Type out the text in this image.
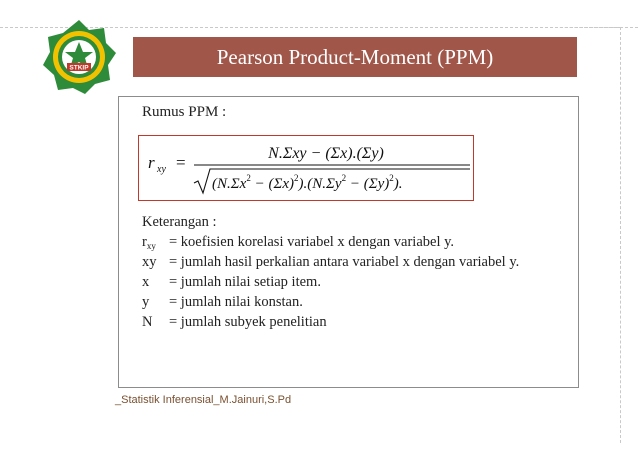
STKIP	Pearson Product-Moment (PPM)
Rumus PPM :
r xy =	N.Σxy − (Σx).(Σy)
$(N.\Sigma x^2 - (\Sigma x)^2).(N.\Sigma y^2 - (\Sigma y)^2)$.
Keterangan :
$r_{xy}$ = koefisien korelasi variabel x dengan variabel y.
xy = jumlah hasil perkalian antara variabel x dengan variabel y.
x = jumlah nilai setiap item.
y = jumlah nilai konstan.
N = jumlah subyek penelitian
_Statistik Inferensial_M.Jainuri,S.Pd
